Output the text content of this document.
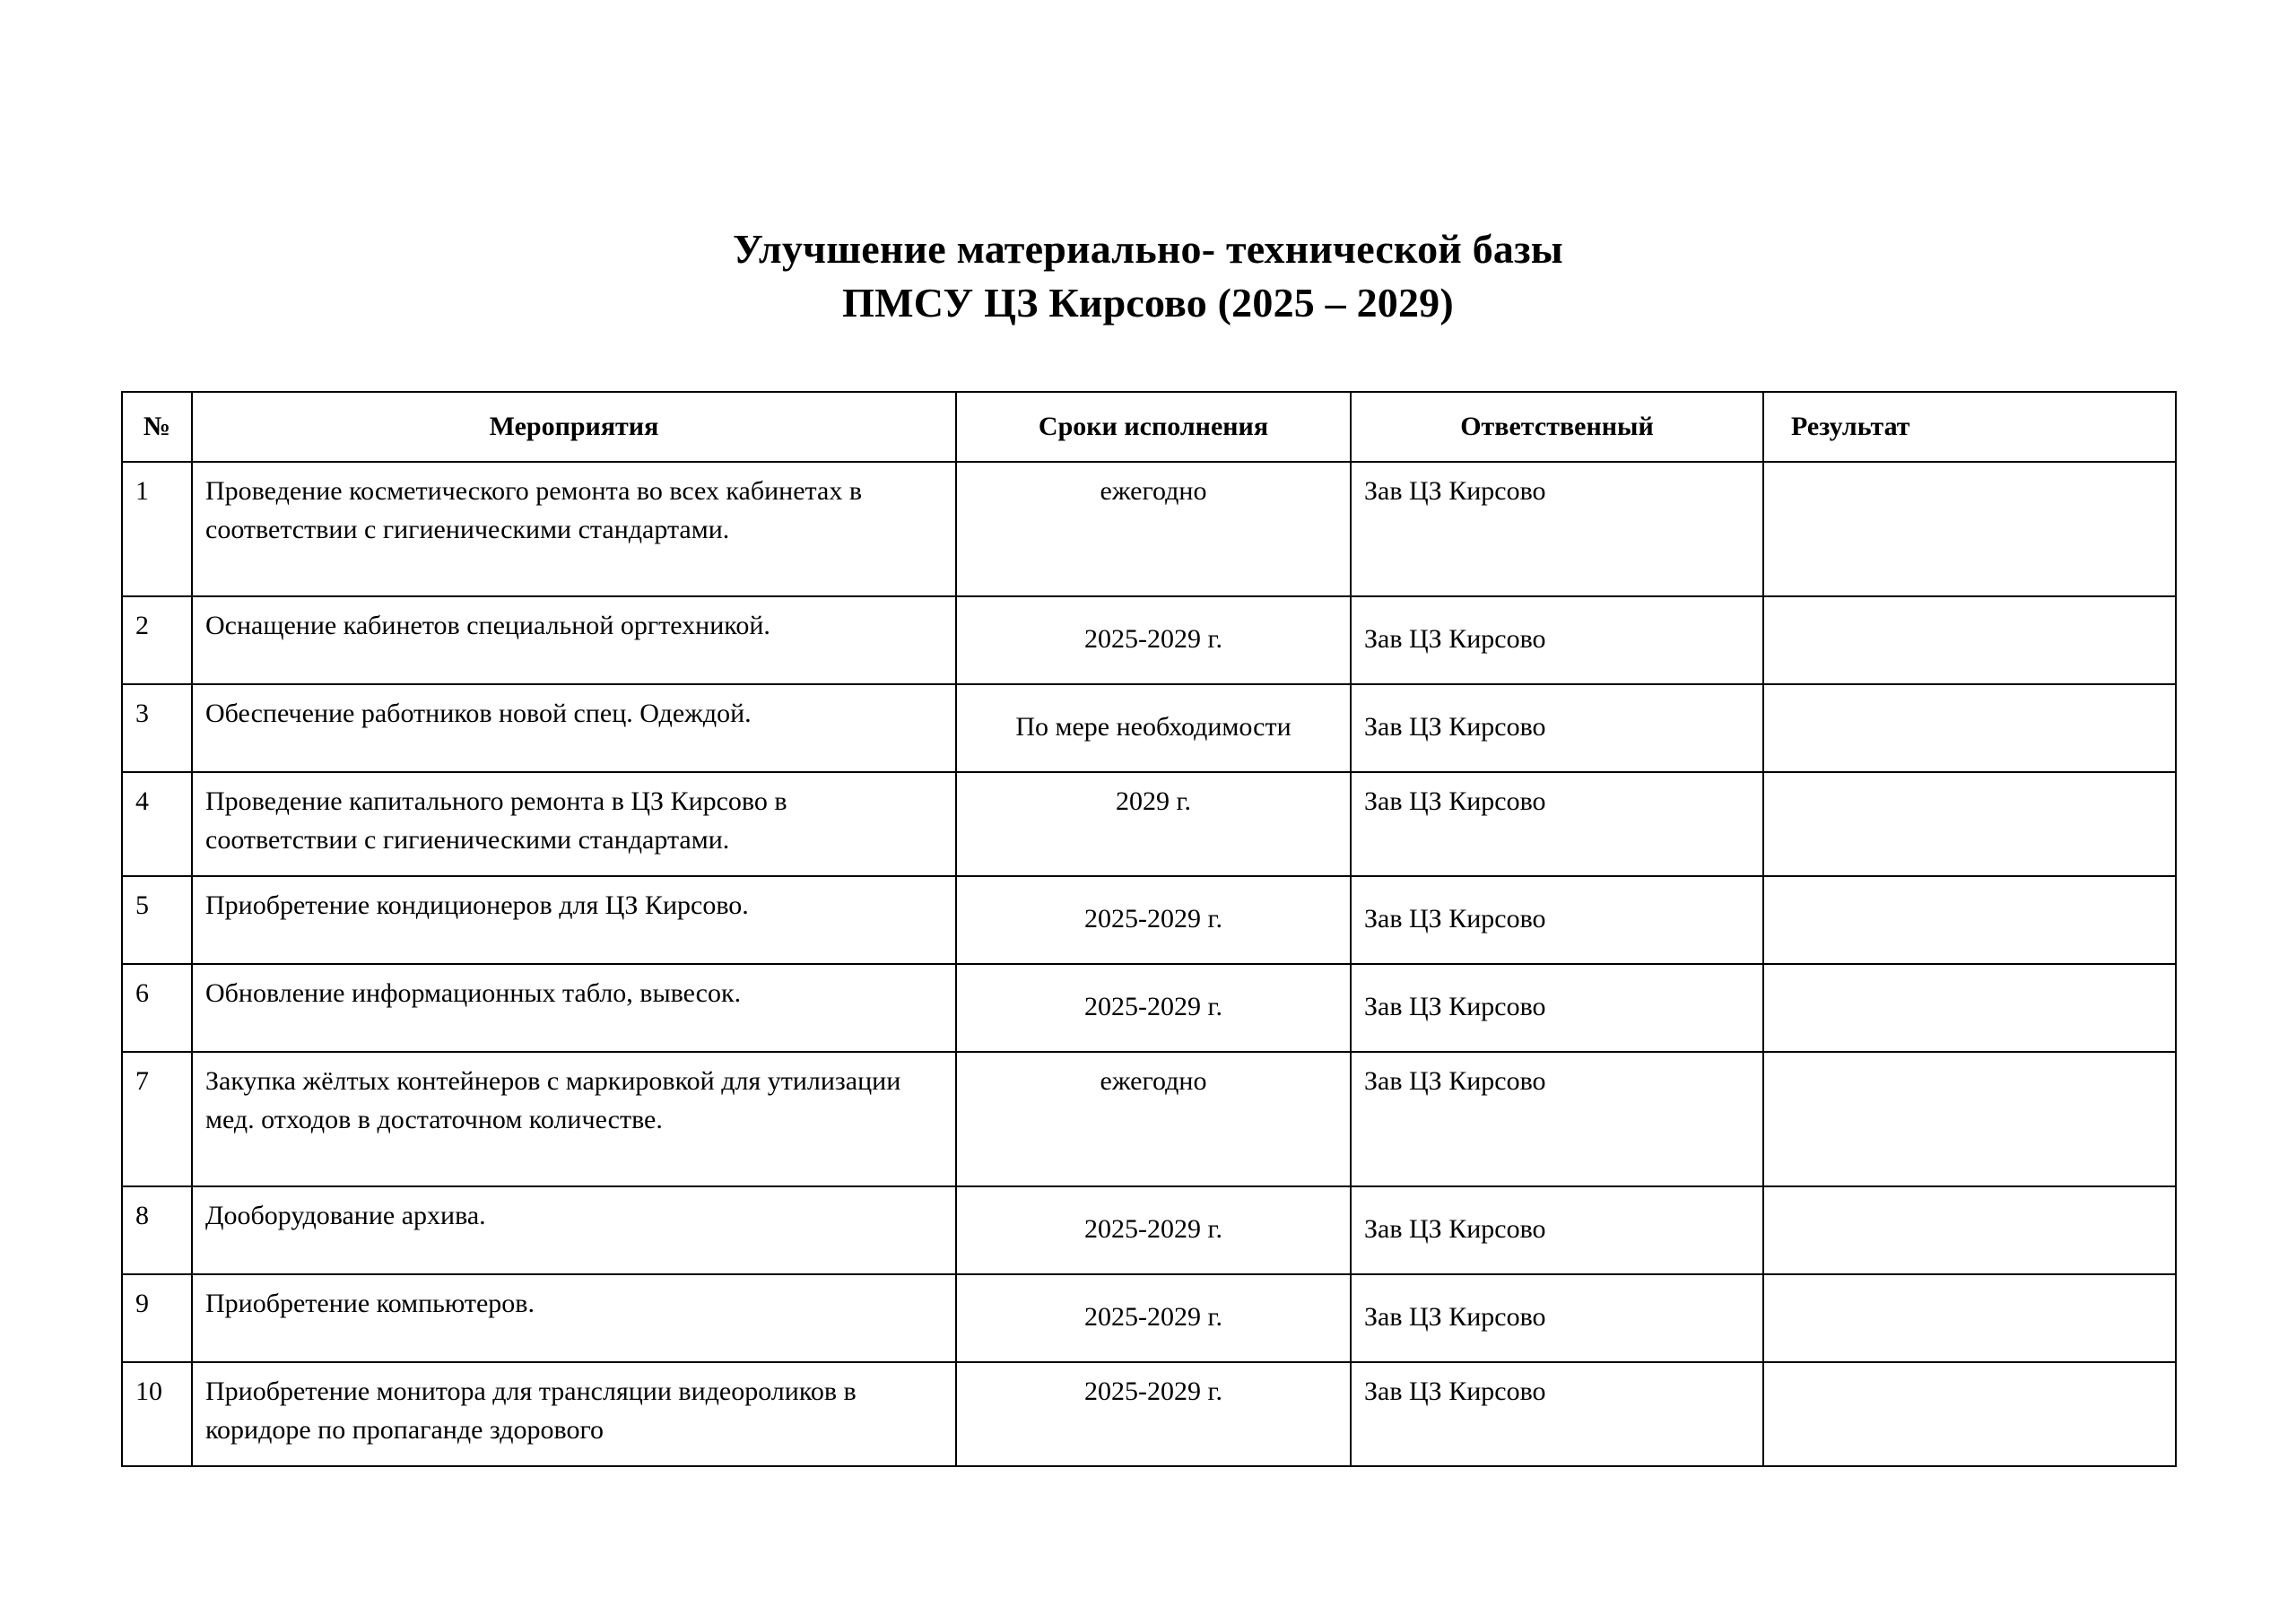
Улучшение материально- технической базы
ПМСУ ЦЗ Кирсово (2025 – 2029)
№	Мероприятия	Сроки исполнения	Ответственный	Результат
1	Проведение косметического ремонта во всех кабинетах в соответствии с гигиеническими стандартами.	ежегодно	Зав ЦЗ Кирсово	
2	Оснащение кабинетов специальной оргтехникой.	2025-2029 г.	Зав ЦЗ Кирсово	
3	Обеспечение работников новой спец. Одеждой.	По мере необходимости	Зав ЦЗ Кирсово	
4	Проведение капитального ремонта в ЦЗ Кирсово в соответствии с гигиеническими стандартами.	2029 г.	Зав ЦЗ Кирсово	
5	Приобретение кондиционеров для ЦЗ Кирсово.	2025-2029 г.	Зав ЦЗ Кирсово	
6	Обновление информационных табло, вывесок.	2025-2029 г.	Зав ЦЗ Кирсово	
7	Закупка жёлтых контейнеров с маркировкой для утилизации мед. отходов в достаточном количестве.	ежегодно	Зав ЦЗ Кирсово	
8	Дооборудование архива.	2025-2029 г.	Зав ЦЗ Кирсово	
9	Приобретение компьютеров.	2025-2029 г.	Зав ЦЗ Кирсово	
10	Приобретение монитора для трансляции видеороликов в коридоре по пропаганде здорового	2025-2029 г.	Зав ЦЗ Кирсово	
